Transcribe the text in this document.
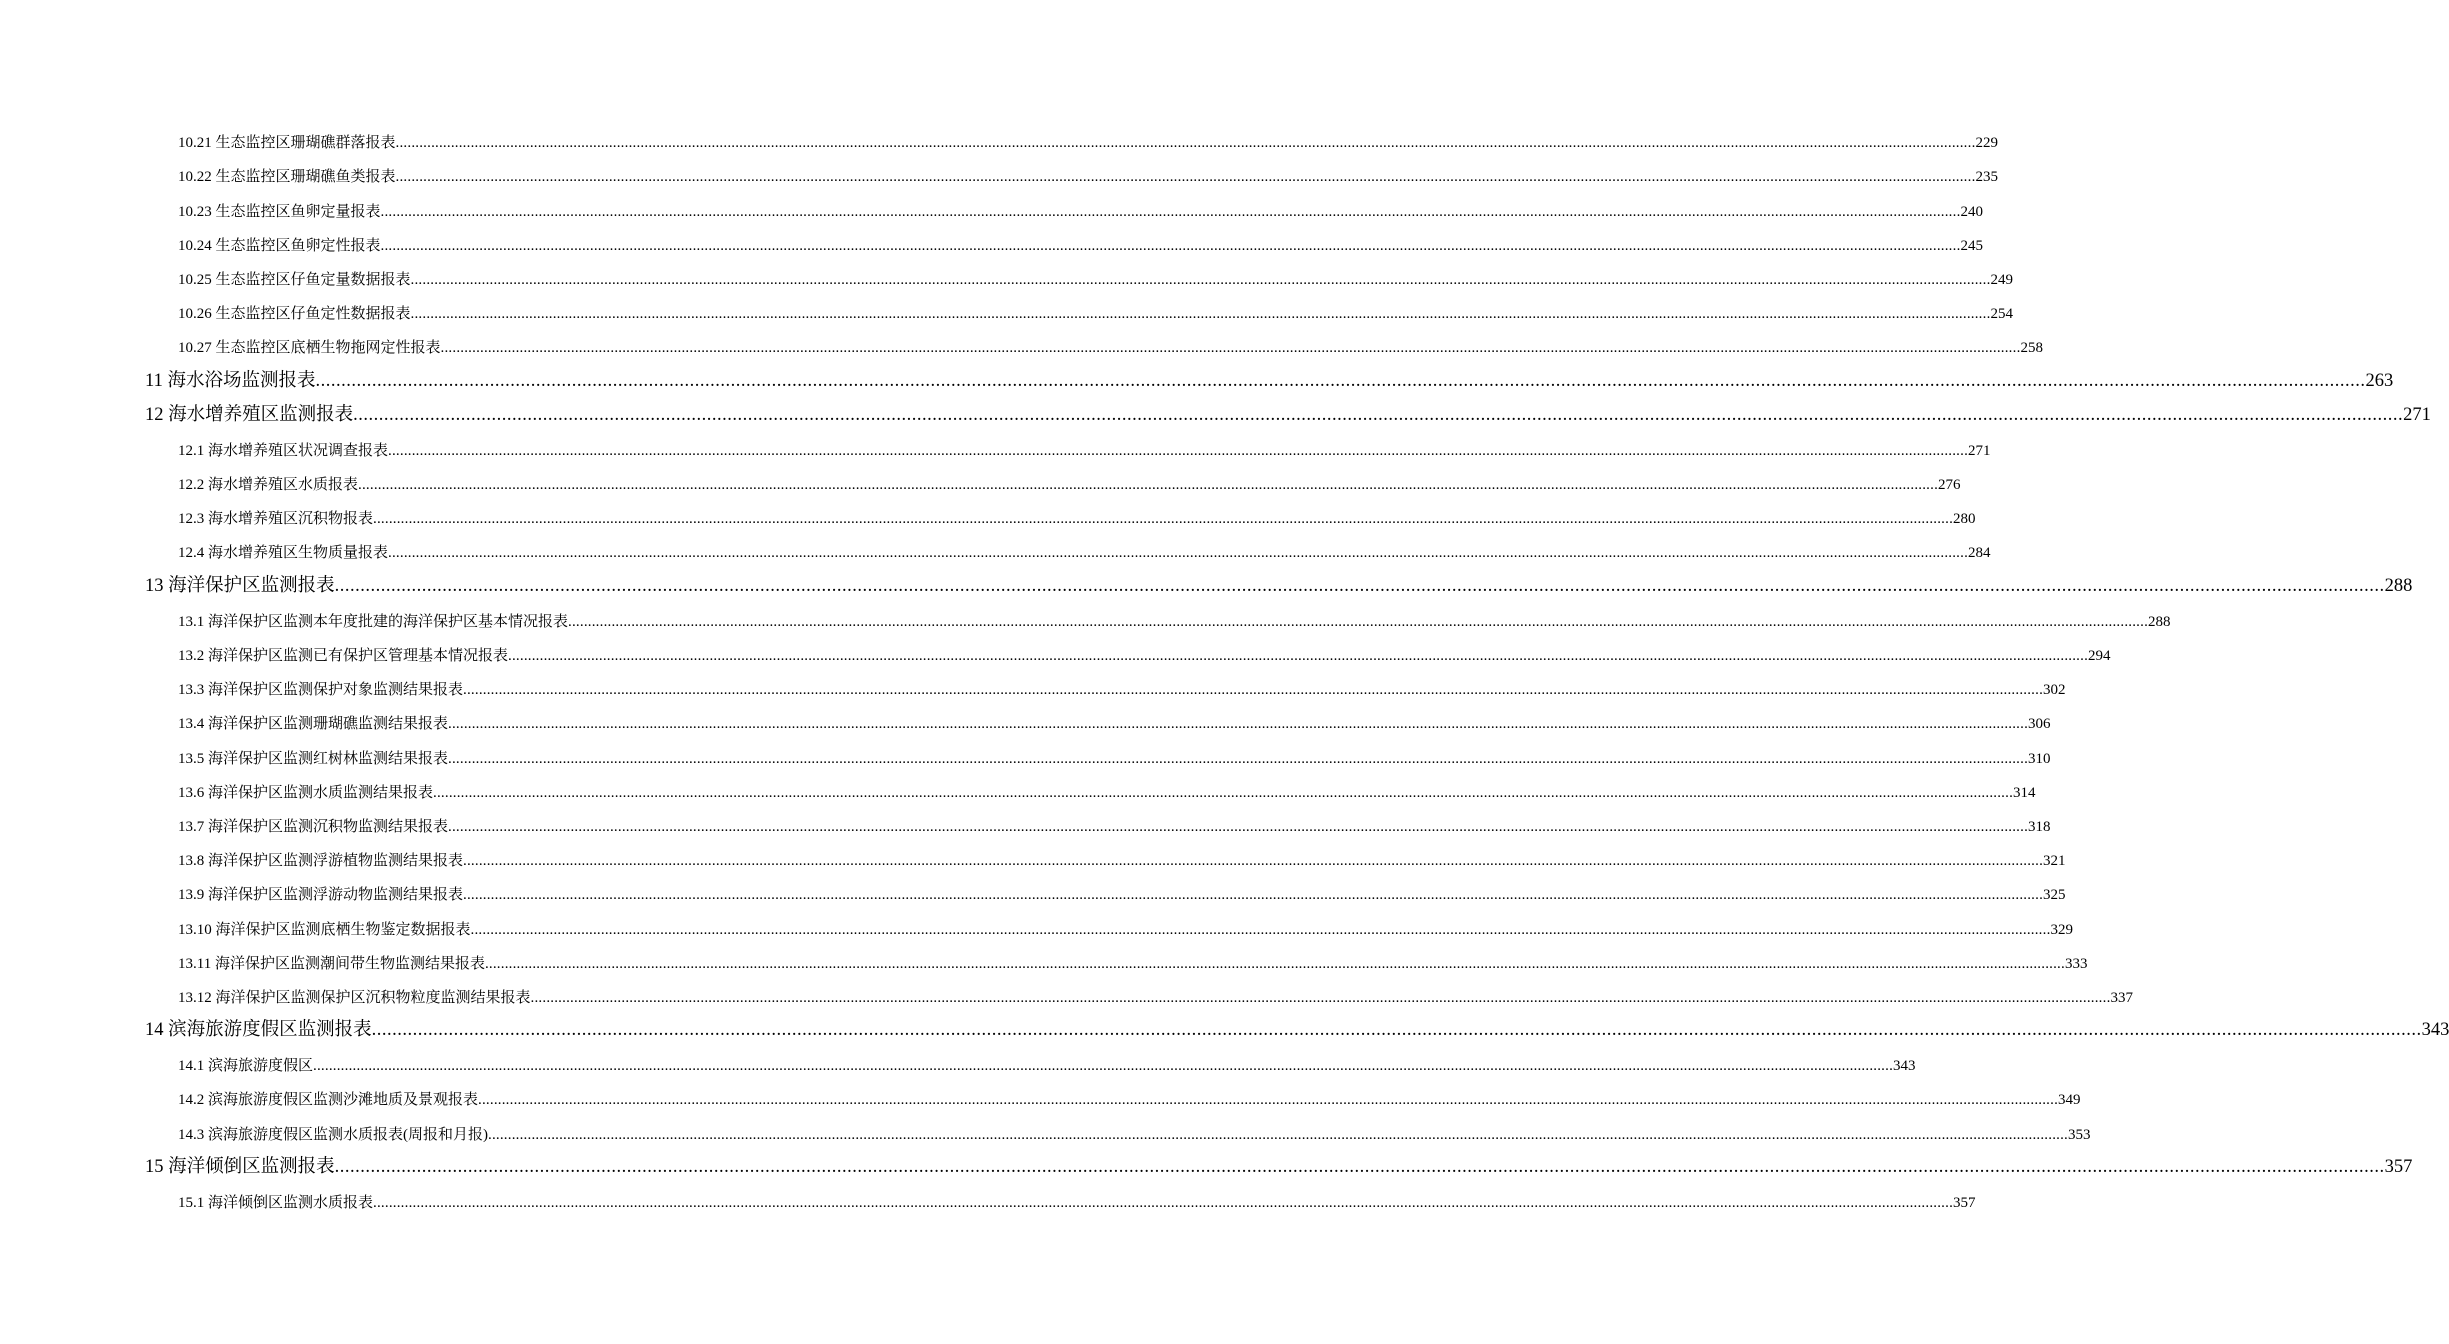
10.21 生态监控区珊瑚礁群落报表 ................................................................................................................................................................................................................................................................................................................................................................................................................ 229
10.22 生态监控区珊瑚礁鱼类报表 ................................................................................................................................................................................................................................................................................................................................................................................................................ 235
10.23 生态监控区鱼卵定量报表 ................................................................................................................................................................................................................................................................................................................................................................................................................ 240
10.24 生态监控区鱼卵定性报表 ................................................................................................................................................................................................................................................................................................................................................................................................................ 245
10.25 生态监控区仔鱼定量数据报表 ................................................................................................................................................................................................................................................................................................................................................................................................................ 249
10.26 生态监控区仔鱼定性数据报表 ................................................................................................................................................................................................................................................................................................................................................................................................................ 254
10.27 生态监控区底栖生物拖网定性报表 ................................................................................................................................................................................................................................................................................................................................................................................................................ 258
11 海水浴场监测报表 ................................................................................................................................................................................................................................................................................................................................................................................................................ 263
12 海水增养殖区监测报表 ................................................................................................................................................................................................................................................................................................................................................................................................................ 271
12.1 海水增养殖区状况调查报表 ................................................................................................................................................................................................................................................................................................................................................................................................................ 271
12.2 海水增养殖区水质报表 ................................................................................................................................................................................................................................................................................................................................................................................................................ 276
12.3 海水增养殖区沉积物报表 ................................................................................................................................................................................................................................................................................................................................................................................................................ 280
12.4 海水增养殖区生物质量报表 ................................................................................................................................................................................................................................................................................................................................................................................................................ 284
13 海洋保护区监测报表 ................................................................................................................................................................................................................................................................................................................................................................................................................ 288
13.1 海洋保护区监测本年度批建的海洋保护区基本情况报表 ................................................................................................................................................................................................................................................................................................................................................................................................................ 288
13.2 海洋保护区监测已有保护区管理基本情况报表 ................................................................................................................................................................................................................................................................................................................................................................................................................ 294
13.3 海洋保护区监测保护对象监测结果报表 ................................................................................................................................................................................................................................................................................................................................................................................................................ 302
13.4 海洋保护区监测珊瑚礁监测结果报表 ................................................................................................................................................................................................................................................................................................................................................................................................................ 306
13.5 海洋保护区监测红树林监测结果报表 ................................................................................................................................................................................................................................................................................................................................................................................................................ 310
13.6 海洋保护区监测水质监测结果报表 ................................................................................................................................................................................................................................................................................................................................................................................................................ 314
13.7 海洋保护区监测沉积物监测结果报表 ................................................................................................................................................................................................................................................................................................................................................................................................................ 318
13.8 海洋保护区监测浮游植物监测结果报表 ................................................................................................................................................................................................................................................................................................................................................................................................................ 321
13.9 海洋保护区监测浮游动物监测结果报表 ................................................................................................................................................................................................................................................................................................................................................................................................................ 325
13.10 海洋保护区监测底栖生物鉴定数据报表 ................................................................................................................................................................................................................................................................................................................................................................................................................ 329
13.11 海洋保护区监测潮间带生物监测结果报表 ................................................................................................................................................................................................................................................................................................................................................................................................................ 333
13.12 海洋保护区监测保护区沉积物粒度监测结果报表 ................................................................................................................................................................................................................................................................................................................................................................................................................ 337
14 滨海旅游度假区监测报表 ................................................................................................................................................................................................................................................................................................................................................................................................................ 343
14.1 滨海旅游度假区 ................................................................................................................................................................................................................................................................................................................................................................................................................ 343
14.2 滨海旅游度假区监测沙滩地质及景观报表 ................................................................................................................................................................................................................................................................................................................................................................................................................ 349
14.3 滨海旅游度假区监测水质报表(周报和月报) ................................................................................................................................................................................................................................................................................................................................................................................................................ 353
15 海洋倾倒区监测报表 ................................................................................................................................................................................................................................................................................................................................................................................................................ 357
15.1 海洋倾倒区监测水质报表 ................................................................................................................................................................................................................................................................................................................................................................................................................ 357
